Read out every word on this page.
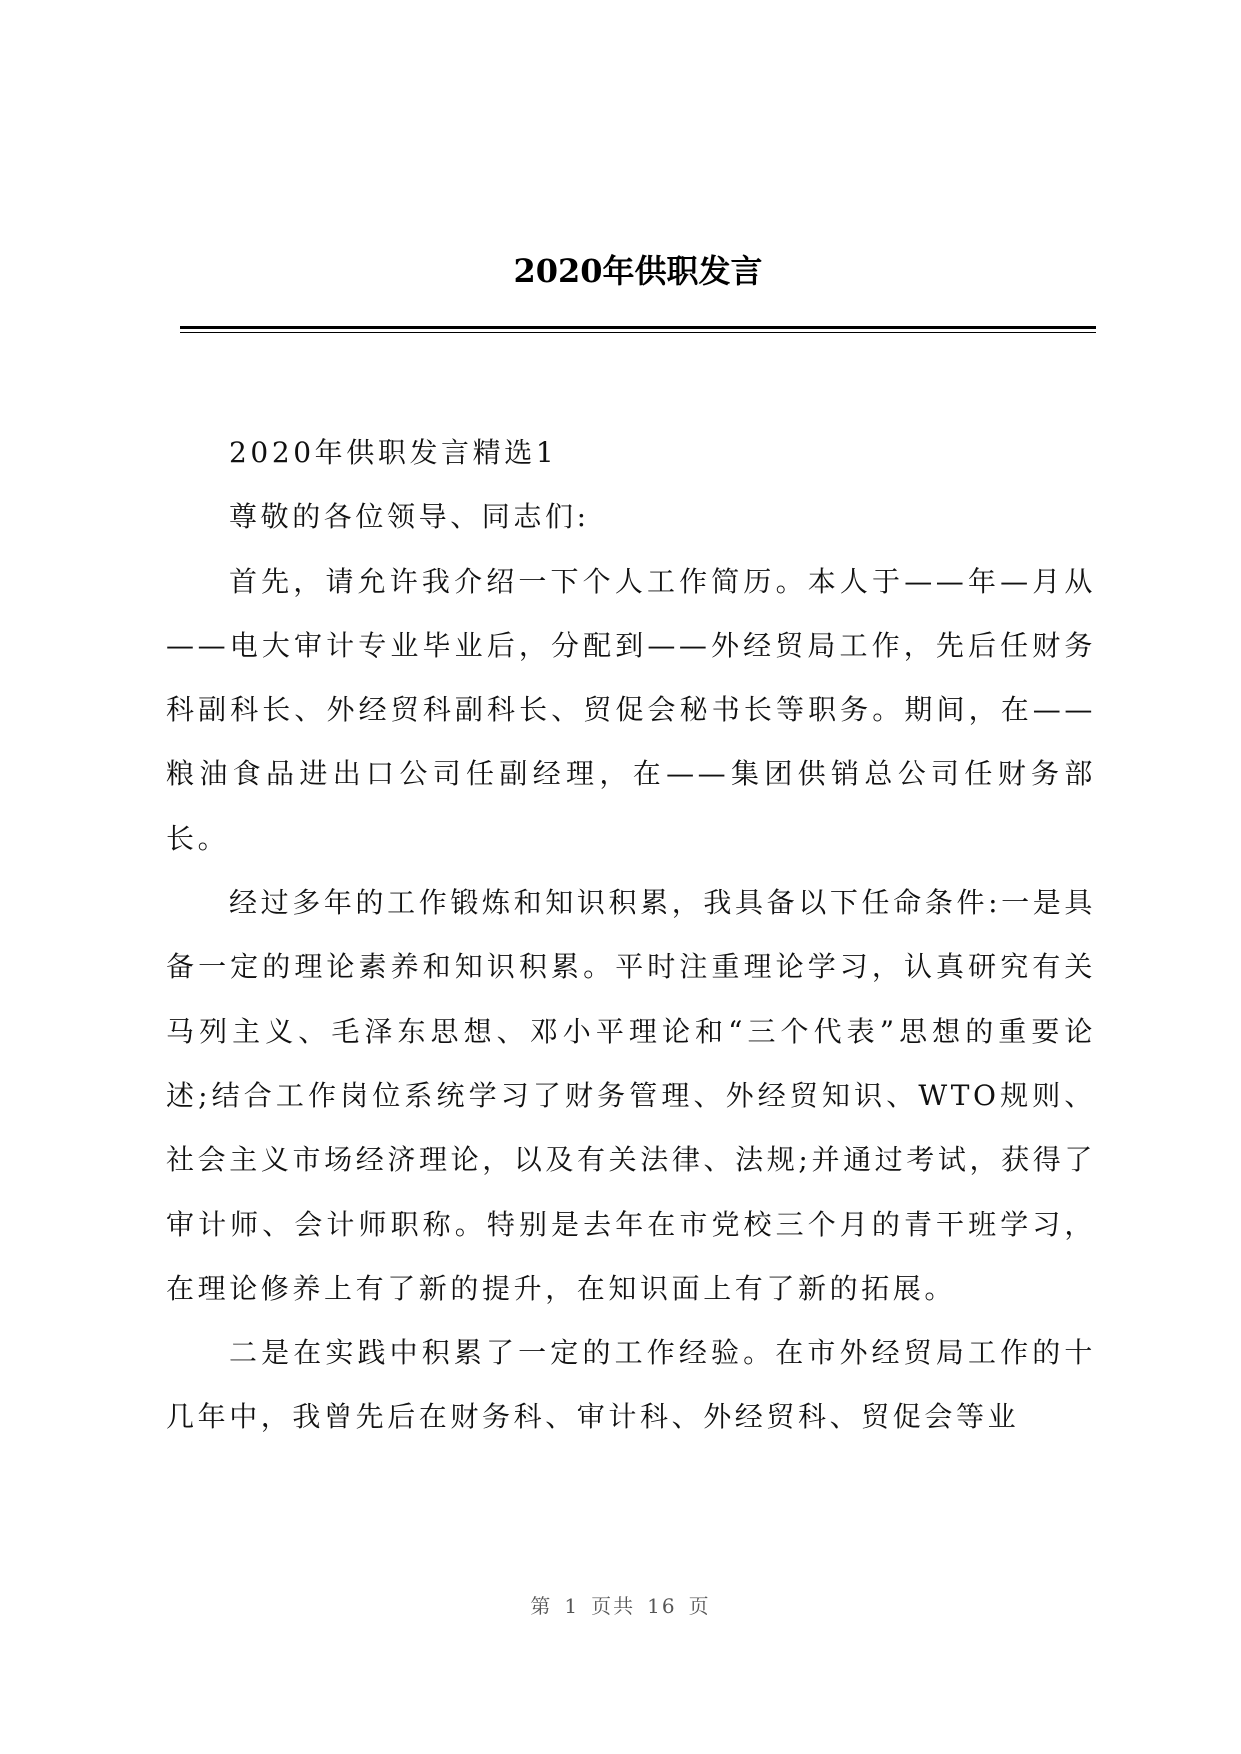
2020年供职发言

2020年供职发言精选1

尊敬的各位领导、同志们:

首先，请允许我介绍一下个人工作简历。本人于——年—月从——电大审计专业毕业后，分配到——外经贸局工作，先后任财务科副科长、外经贸科副科长、贸促会秘书长等职务。期间，在——粮油食品进出口公司任副经理，在——集团供销总公司任财务部长。

经过多年的工作锻炼和知识积累，我具备以下任命条件:一是具备一定的理论素养和知识积累。平时注重理论学习，认真研究有关马列主义、毛泽东思想、邓小平理论和“三个代表”思想的重要论述;结合工作岗位系统学习了财务管理、外经贸知识、WTO规则、社会主义市场经济理论，以及有关法律、法规;并通过考试，获得了审计师、会计师职称。特别是去年在市党校三个月的青干班学习，在理论修养上有了新的提升，在知识面上有了新的拓展。

二是在实践中积累了一定的工作经验。在市外经贸局工作的十几年中，我曾先后在财务科、审计科、外经贸科、贸促会等业

第 1 页共 16 页
